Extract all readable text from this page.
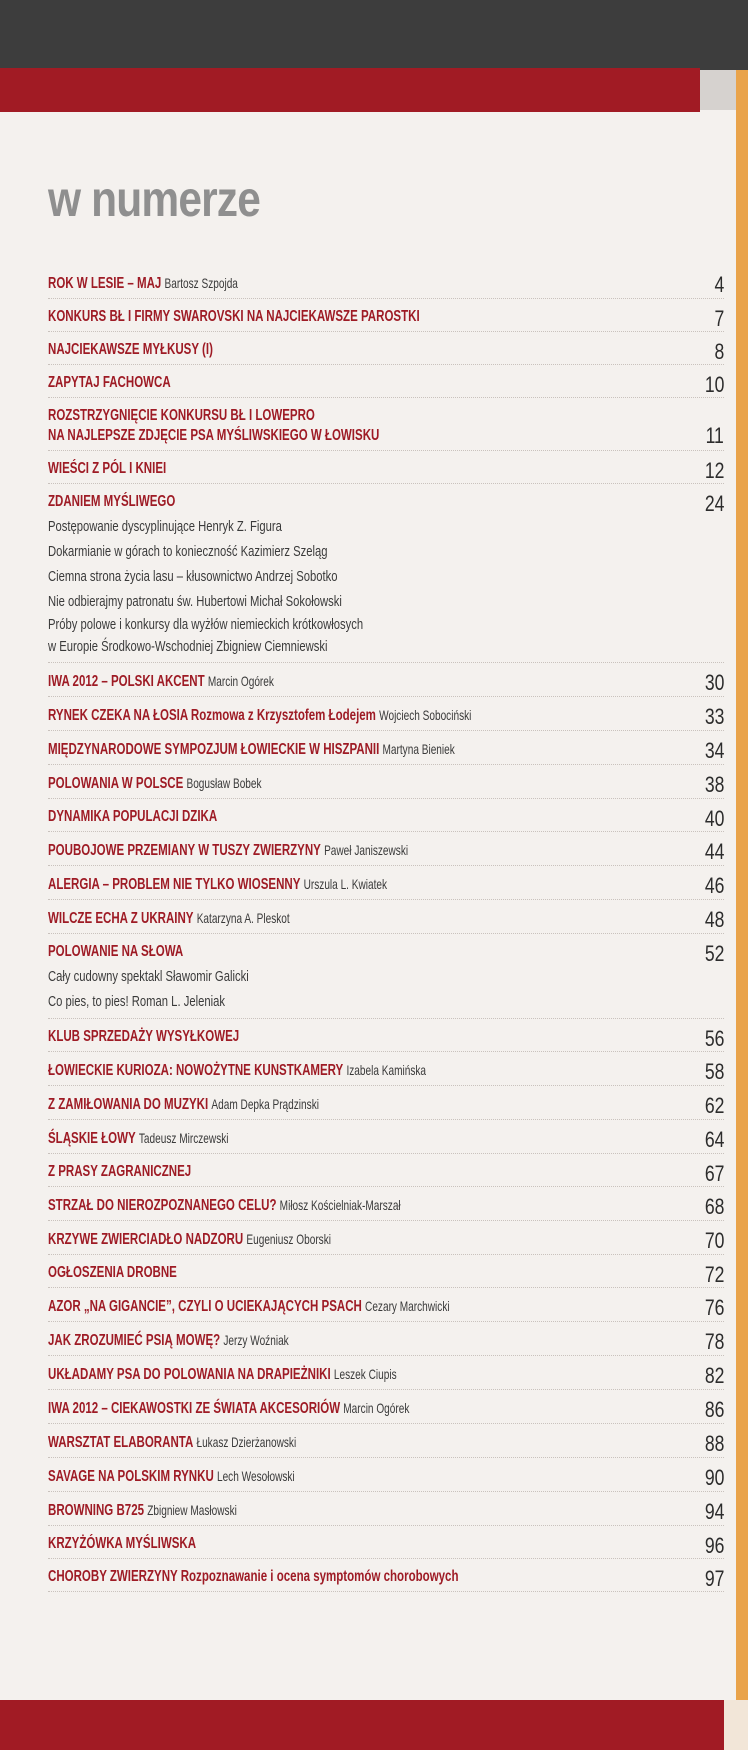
w numerze
ROK W LESIE – MAJ Bartosz Szpojda	4
KONKURS BŁ I FIRMY SWAROVSKI NA NAJCIEKAWSZE PAROSTKI	7
NAJCIEKAWSZE MYŁKUSY (I)	8
ZAPYTAJ FACHOWCA	10
ROZSTRZYGNIĘCIE KONKURSU BŁ I LOWEPRO
NA NAJLEPSZE ZDJĘCIE PSA MYŚLIWSKIEGO W ŁOWISKU	11
WIEŚCI Z PÓL I KNIEI	12
ZDANIEM MYŚLIWEGO	24
Postępowanie dyscyplinujące Henryk Z. Figura
Dokarmianie w górach to konieczność Kazimierz Szeląg
Ciemna strona życia lasu – kłusownictwo Andrzej Sobotko
Nie odbierajmy patronatu św. Hubertowi Michał Sokołowski
Próby polowe i konkursy dla wyżłów niemieckich krótkowłosych
w Europie Środkowo-Wschodniej Zbigniew Ciemniewski
IWA 2012 – POLSKI AKCENT Marcin Ogórek	30
RYNEK CZEKA NA ŁOSIA Rozmowa z Krzysztofem Łodejem Wojciech Sobociński	33
MIĘDZYNARODOWE SYMPOZJUM ŁOWIECKIE W HISZPANII Martyna Bieniek	34
POLOWANIA W POLSCE Bogusław Bobek	38
DYNAMIKA POPULACJI DZIKA	40
POUBOJOWE PRZEMIANY W TUSZY ZWIERZYNY Paweł Janiszewski	44
ALERGIA – PROBLEM NIE TYLKO WIOSENNY Urszula L. Kwiatek	46
WILCZE ECHA Z UKRAINY Katarzyna A. Pleskot	48
POLOWANIE NA SŁOWA	52
Cały cudowny spektakl Sławomir Galicki
Co pies, to pies! Roman L. Jeleniak
KLUB SPRZEDAŻY WYSYŁKOWEJ	56
ŁOWIECKIE KURIOZA: NOWOŻYTNE KUNSTKAMERY Izabela Kamińska	58
Z ZAMIŁOWANIA DO MUZYKI Adam Depka Prądzinski	62
ŚLĄSKIE ŁOWY Tadeusz Mirczewski	64
Z PRASY ZAGRANICZNEJ	67
STRZAŁ DO NIEROZPOZNANEGO CELU? Miłosz Kościelniak-Marszał	68
KRZYWE ZWIERCIADŁO NADZORU Eugeniusz Oborski	70
OGŁOSZENIA DROBNE	72
AZOR „NA GIGANCIE”, CZYLI O UCIEKAJĄCYCH PSACH Cezary Marchwicki	76
JAK ZROZUMIEĆ PSIĄ MOWĘ? Jerzy Woźniak	78
UKŁADAMY PSA DO POLOWANIA NA DRAPIEŻNIKI Leszek Ciupis	82
IWA 2012 – CIEKAWOSTKI ZE ŚWIATA AKCESORIÓW Marcin Ogórek	86
WARSZTAT ELABORANTA Łukasz Dzierżanowski	88
SAVAGE NA POLSKIM RYNKU Lech Wesołowski	90
BROWNING B725 Zbigniew Masłowski	94
KRZYŻÓWKA MYŚLIWSKA	96
CHOROBY ZWIERZYNY Rozpoznawanie i ocena symptomów chorobowych	97
